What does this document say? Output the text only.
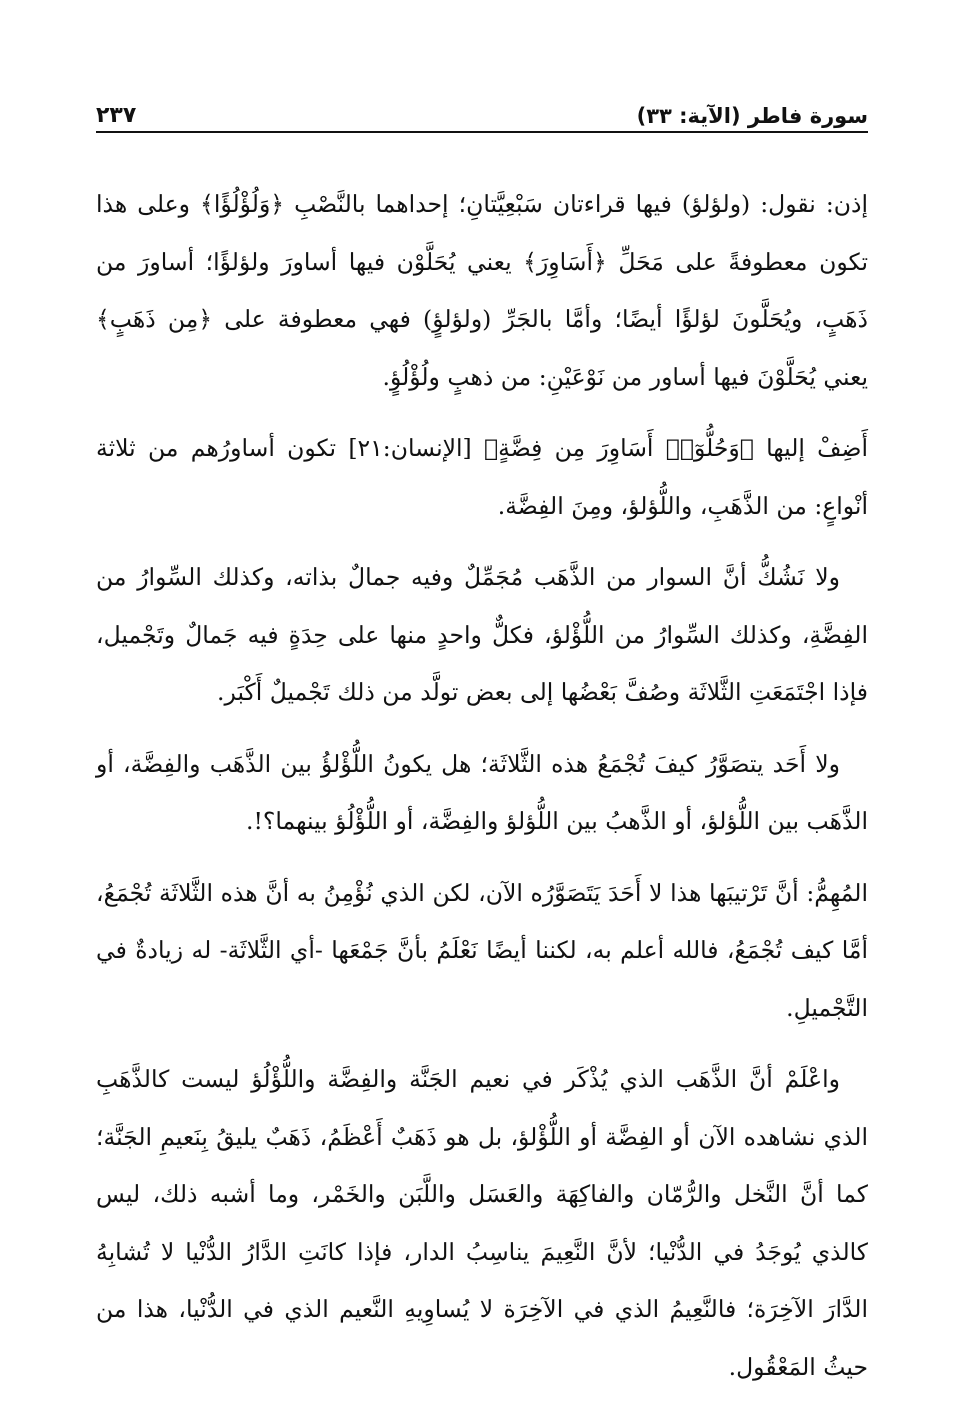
سورة فاطر (الآية: ٣٣)
٢٣٧

إذن: نقول: (ولؤلؤ) فيها قراءتان سَبْعِيَّتانِ؛ إحداهما بالنَّصْبِ ﴿وَلُؤْلُؤًا﴾ وعلى هذا تكون معطوفةً على مَحَلِّ ﴿أَسَاوِرَ﴾ يعني يُحَلَّوْن فيها أساورَ ولؤلؤًا؛ أساورَ من ذَهَبٍ، ويُحَلَّونَ لؤلؤًا أيضًا؛ وأمَّا بالجَرِّ (ولؤلؤٍ) فهي معطوفة على ﴿مِن ذَهَبٍ﴾ يعني يُحَلَّوْنَ فيها أساور من نَوْعَيْنِ: من ذهبٍ ولُؤْلُؤٍ.

أَضِفْ إليها ﴿وَحُلُّوٓا۟ أَسَاوِرَ مِن فِضَّةٍ﴾ [الإنسان:٢١] تكون أساورُهم من ثلاثة أنْواعٍ: من الذَّهَبِ، واللُّؤلؤ، ومِنَ الفِضَّة.

ولا نَشُكُّ أنَّ السوار من الذَّهَب مُجَمِّلٌ وفيه جمالٌ بذاته، وكذلك السِّوارُ من الفِضَّةِ، وكذلك السِّوارُ من اللُّؤْلؤ، فكلٌّ واحدٍ منها على حِدَةٍ فيه جَمالٌ وتَجْميل، فإذا اجْتَمَعَتِ الثَّلاثَة وصُفَّ بَعْضُها إلى بعض تولَّد من ذلك تَجْميلٌ أَكْبَر.

ولا أَحَد يتصَوَّرُ كيفَ تُجْمَعُ هذه الثَّلاثَة؛ هل يكونُ اللُّؤْلؤُ بين الذَّهَب والفِضَّة، أو الذَّهَب بين اللُّؤلؤ، أو الذَّهبُ بين اللُّؤلؤ والفِضَّة، أو اللُّؤْلُؤ بينهما؟!.

المُهِمُّ: أنَّ تَرْتيبَها هذا لا أَحَدَ يَتَصَوَّرُه الآن، لكن الذي نُؤْمِنُ به أنَّ هذه الثَّلاثَة تُجْمَعُ، أمَّا كيف تُجْمَعُ، فالله أعلم به، لكننا أيضًا نَعْلَمُ بأنَّ جَمْعَها -أي الثَّلاثَة- له زيادةٌ في التَّجْميلِ.

واعْلَمْ أنَّ الذَّهَب الذي يُذْكَر في نعيم الجَنَّة والفِضَّة واللُّؤْلُؤ ليست كالذَّهَبِ الذي نشاهده الآن أو الفِضَّة أو اللُّؤْلؤ، بل هو ذَهَبٌ أَعْظَمُ، ذَهَبٌ يليقُ بِنَعيمِ الجَنَّة؛ كما أنَّ النَّخل والرُّمّان والفاكِهَة والعَسَل واللَّبَن والخَمْر، وما أشبه ذلك، ليس كالذي يُوجَدُ في الدُّنْيا؛ لأنَّ النَّعِيمَ يناسِبُ الدار، فإذا كانَتِ الدَّارُ الدُّنْيا لا تُشابِهُ الدَّارَ الآخِرَة؛ فالنَّعِيمُ الذي في الآخِرَة لا يُساوِيهِ النَّعيم الذي في الدُّنْيا، هذا من حيثُ المَعْقُول.
